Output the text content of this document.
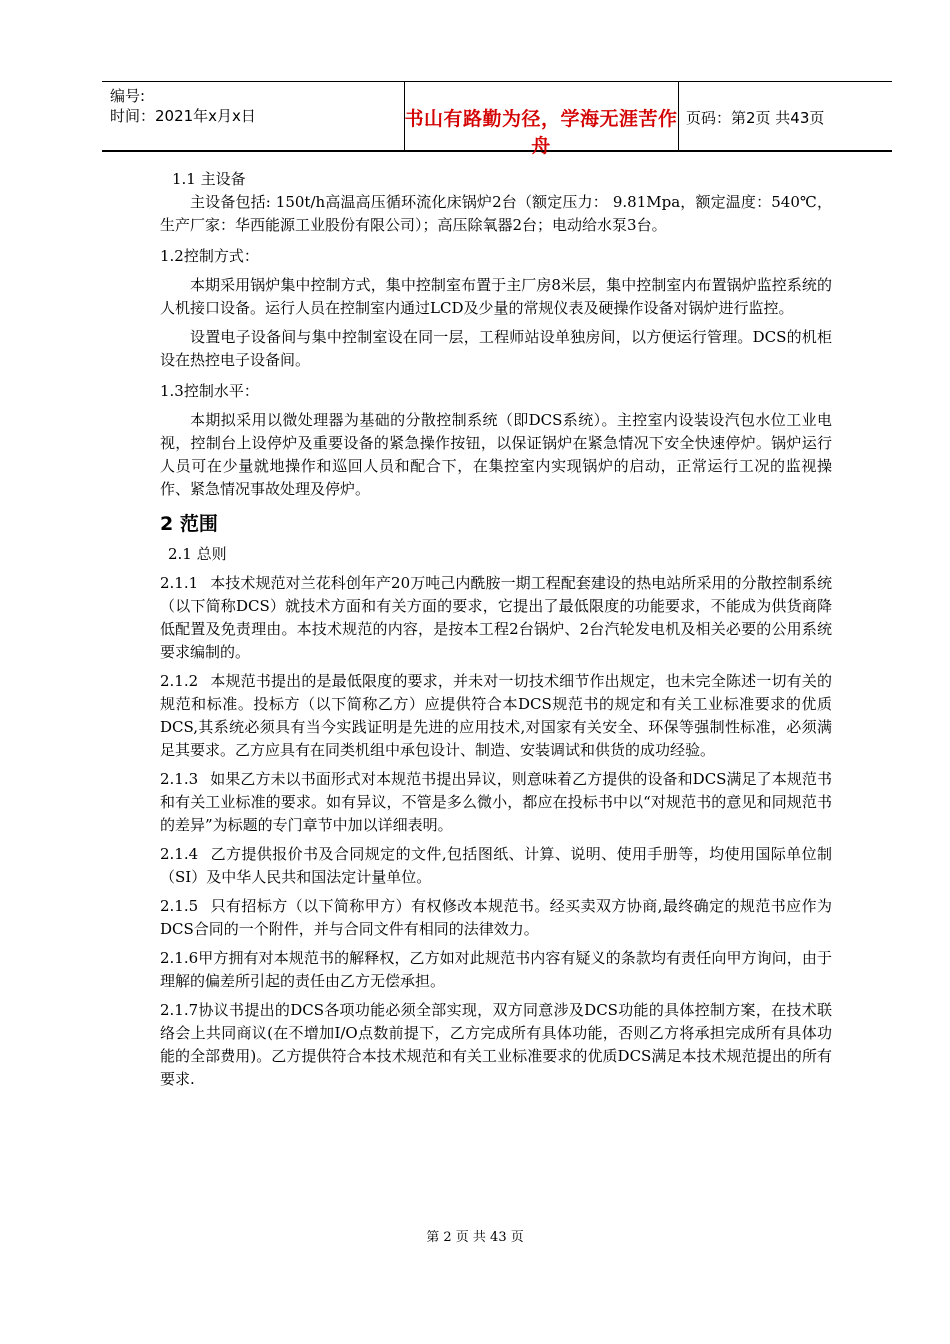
编号:
时间：2021年x月x日	书山有路勤为径，学海无涯苦作舟
页码：第2页 共43页

1.1 主设备

主设备包括: 150t/h高温高压循环流化床锅炉2台（额定压力： 9.81Mpa，额定温度：540℃，生产厂家：华西能源工业股份有限公司）；高压除氧器2台；电动给水泵3台。

1.2控制方式：

本期采用锅炉集中控制方式，集中控制室布置于主厂房8米层，集中控制室内布置锅炉监控系统的人机接口设备。运行人员在控制室内通过LCD及少量的常规仪表及硬操作设备对锅炉进行监控。

设置电子设备间与集中控制室设在同一层，工程师站设单独房间，以方便运行管理。DCS的机柜设在热控电子设备间。

1.3控制水平：

本期拟采用以微处理器为基础的分散控制系统（即DCS系统）。主控室内设装设汽包水位工业电视，控制台上设停炉及重要设备的紧急操作按钮，以保证锅炉在紧急情况下安全快速停炉。锅炉运行人员可在少量就地操作和巡回人员和配合下，在集控室内实现锅炉的启动，正常运行工况的监视操作、紧急情况事故处理及停炉。

2 范围

2.1 总则

2.1.1 本技术规范对兰花科创年产20万吨己内酰胺一期工程配套建设的热电站所采用的分散控制系统（以下简称DCS）就技术方面和有关方面的要求，它提出了最低限度的功能要求，不能成为供货商降低配置及免责理由。本技术规范的内容，是按本工程2台锅炉、2台汽轮发电机及相关必要的公用系统要求编制的。

2.1.2 本规范书提出的是最低限度的要求，并未对一切技术细节作出规定，也未完全陈述一切有关的规范和标准。投标方（以下简称乙方）应提供符合本DCS规范书的规定和有关工业标准要求的优质DCS,其系统必须具有当今实践证明是先进的应用技术,对国家有关安全、环保等强制性标准，必须满足其要求。乙方应具有在同类机组中承包设计、制造、安装调试和供货的成功经验。

2.1.3 如果乙方未以书面形式对本规范书提出异议，则意味着乙方提供的设备和DCS满足了本规范书和有关工业标准的要求。如有异议，不管是多么微小，都应在投标书中以“对规范书的意见和同规范书的差异”为标题的专门章节中加以详细表明。

2.1.4 乙方提供报价书及合同规定的文件,包括图纸、计算、说明、使用手册等，均使用国际单位制（SI）及中华人民共和国法定计量单位。

2.1.5 只有招标方（以下简称甲方）有权修改本规范书。经买卖双方协商,最终确定的规范书应作为DCS合同的一个附件，并与合同文件有相同的法律效力。

2.1.6甲方拥有对本规范书的解释权，乙方如对此规范书内容有疑义的条款均有责任向甲方询问，由于理解的偏差所引起的责任由乙方无偿承担。

2.1.7协议书提出的DCS各项功能必须全部实现，双方同意涉及DCS功能的具体控制方案，在技术联络会上共同商议(在不增加I/O点数前提下，乙方完成所有具体功能，否则乙方将承担完成所有具体功能的全部费用)。乙方提供符合本技术规范和有关工业标准要求的优质DCS满足本技术规范提出的所有要求.

第 2 页 共 43 页
